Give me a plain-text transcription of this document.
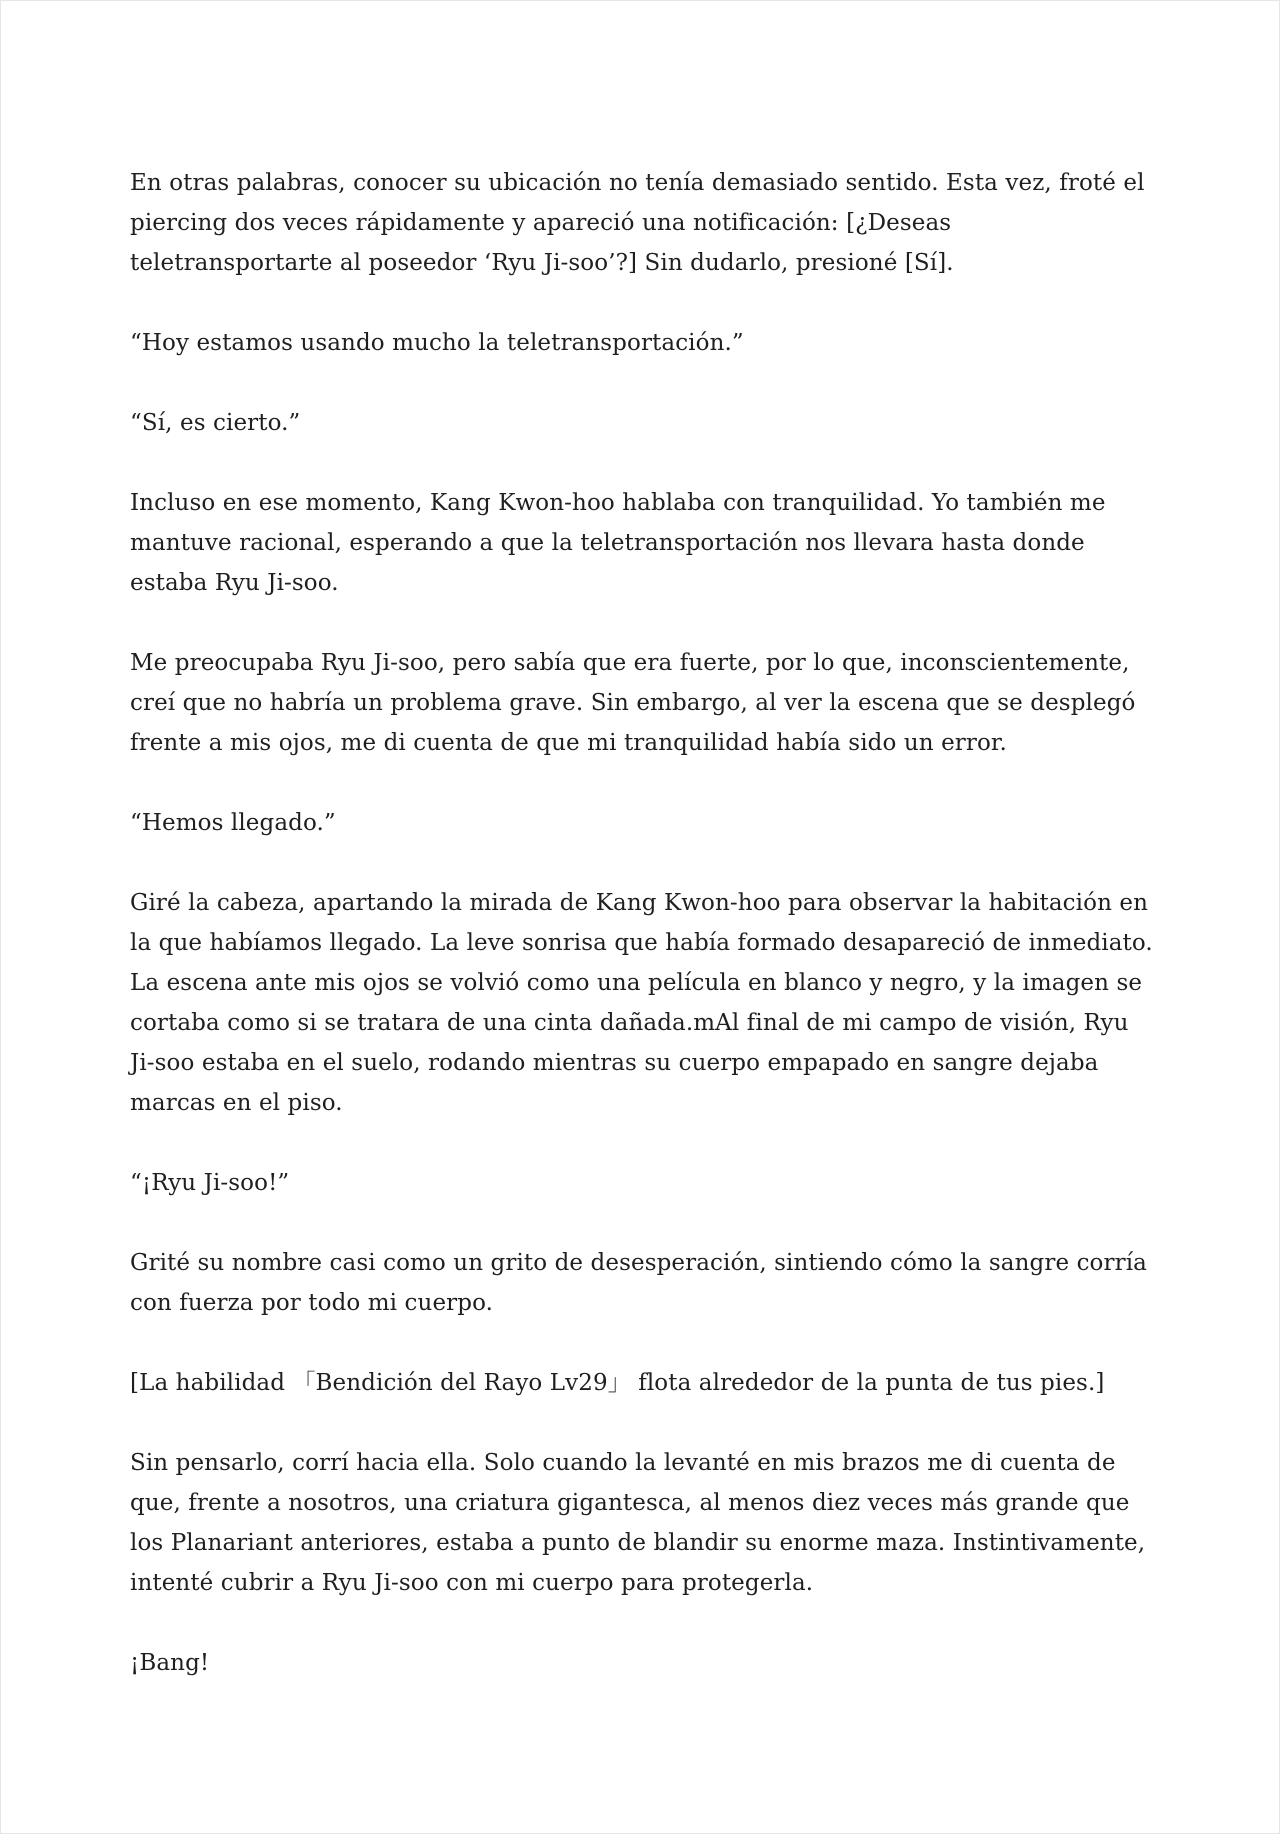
En otras palabras, conocer su ubicación no tenía demasiado sentido. Esta vez, froté el piercing dos veces rápidamente y apareció una notificación: [¿Deseas teletransportarte al poseedor ‘Ryu Ji-soo’?] Sin dudarlo, presioné [Sí].

“Hoy estamos usando mucho la teletransportación.”

“Sí, es cierto.”

Incluso en ese momento, Kang Kwon-hoo hablaba con tranquilidad. Yo también me mantuve racional, esperando a que la teletransportación nos llevara hasta donde estaba Ryu Ji-soo.

Me preocupaba Ryu Ji-soo, pero sabía que era fuerte, por lo que, inconscientemente, creí que no habría un problema grave. Sin embargo, al ver la escena que se desplegó frente a mis ojos, me di cuenta de que mi tranquilidad había sido un error.

“Hemos llegado.”

Giré la cabeza, apartando la mirada de Kang Kwon-hoo para observar la habitación en la que habíamos llegado. La leve sonrisa que había formado desapareció de inmediato. La escena ante mis ojos se volvió como una película en blanco y negro, y la imagen se cortaba como si se tratara de una cinta dañada.mAl final de mi campo de visión, Ryu Ji-soo estaba en el suelo, rodando mientras su cuerpo empapado en sangre dejaba marcas en el piso.

“¡Ryu Ji-soo!”

Grité su nombre casi como un grito de desesperación, sintiendo cómo la sangre corría con fuerza por todo mi cuerpo.

[La habilidad 「Bendición del Rayo Lv29」 flota alrededor de la punta de tus pies.]

Sin pensarlo, corrí hacia ella. Solo cuando la levanté en mis brazos me di cuenta de que, frente a nosotros, una criatura gigantesca, al menos diez veces más grande que los Planariant anteriores, estaba a punto de blandir su enorme maza. Instintivamente, intenté cubrir a Ryu Ji-soo con mi cuerpo para protegerla.

¡Bang!
